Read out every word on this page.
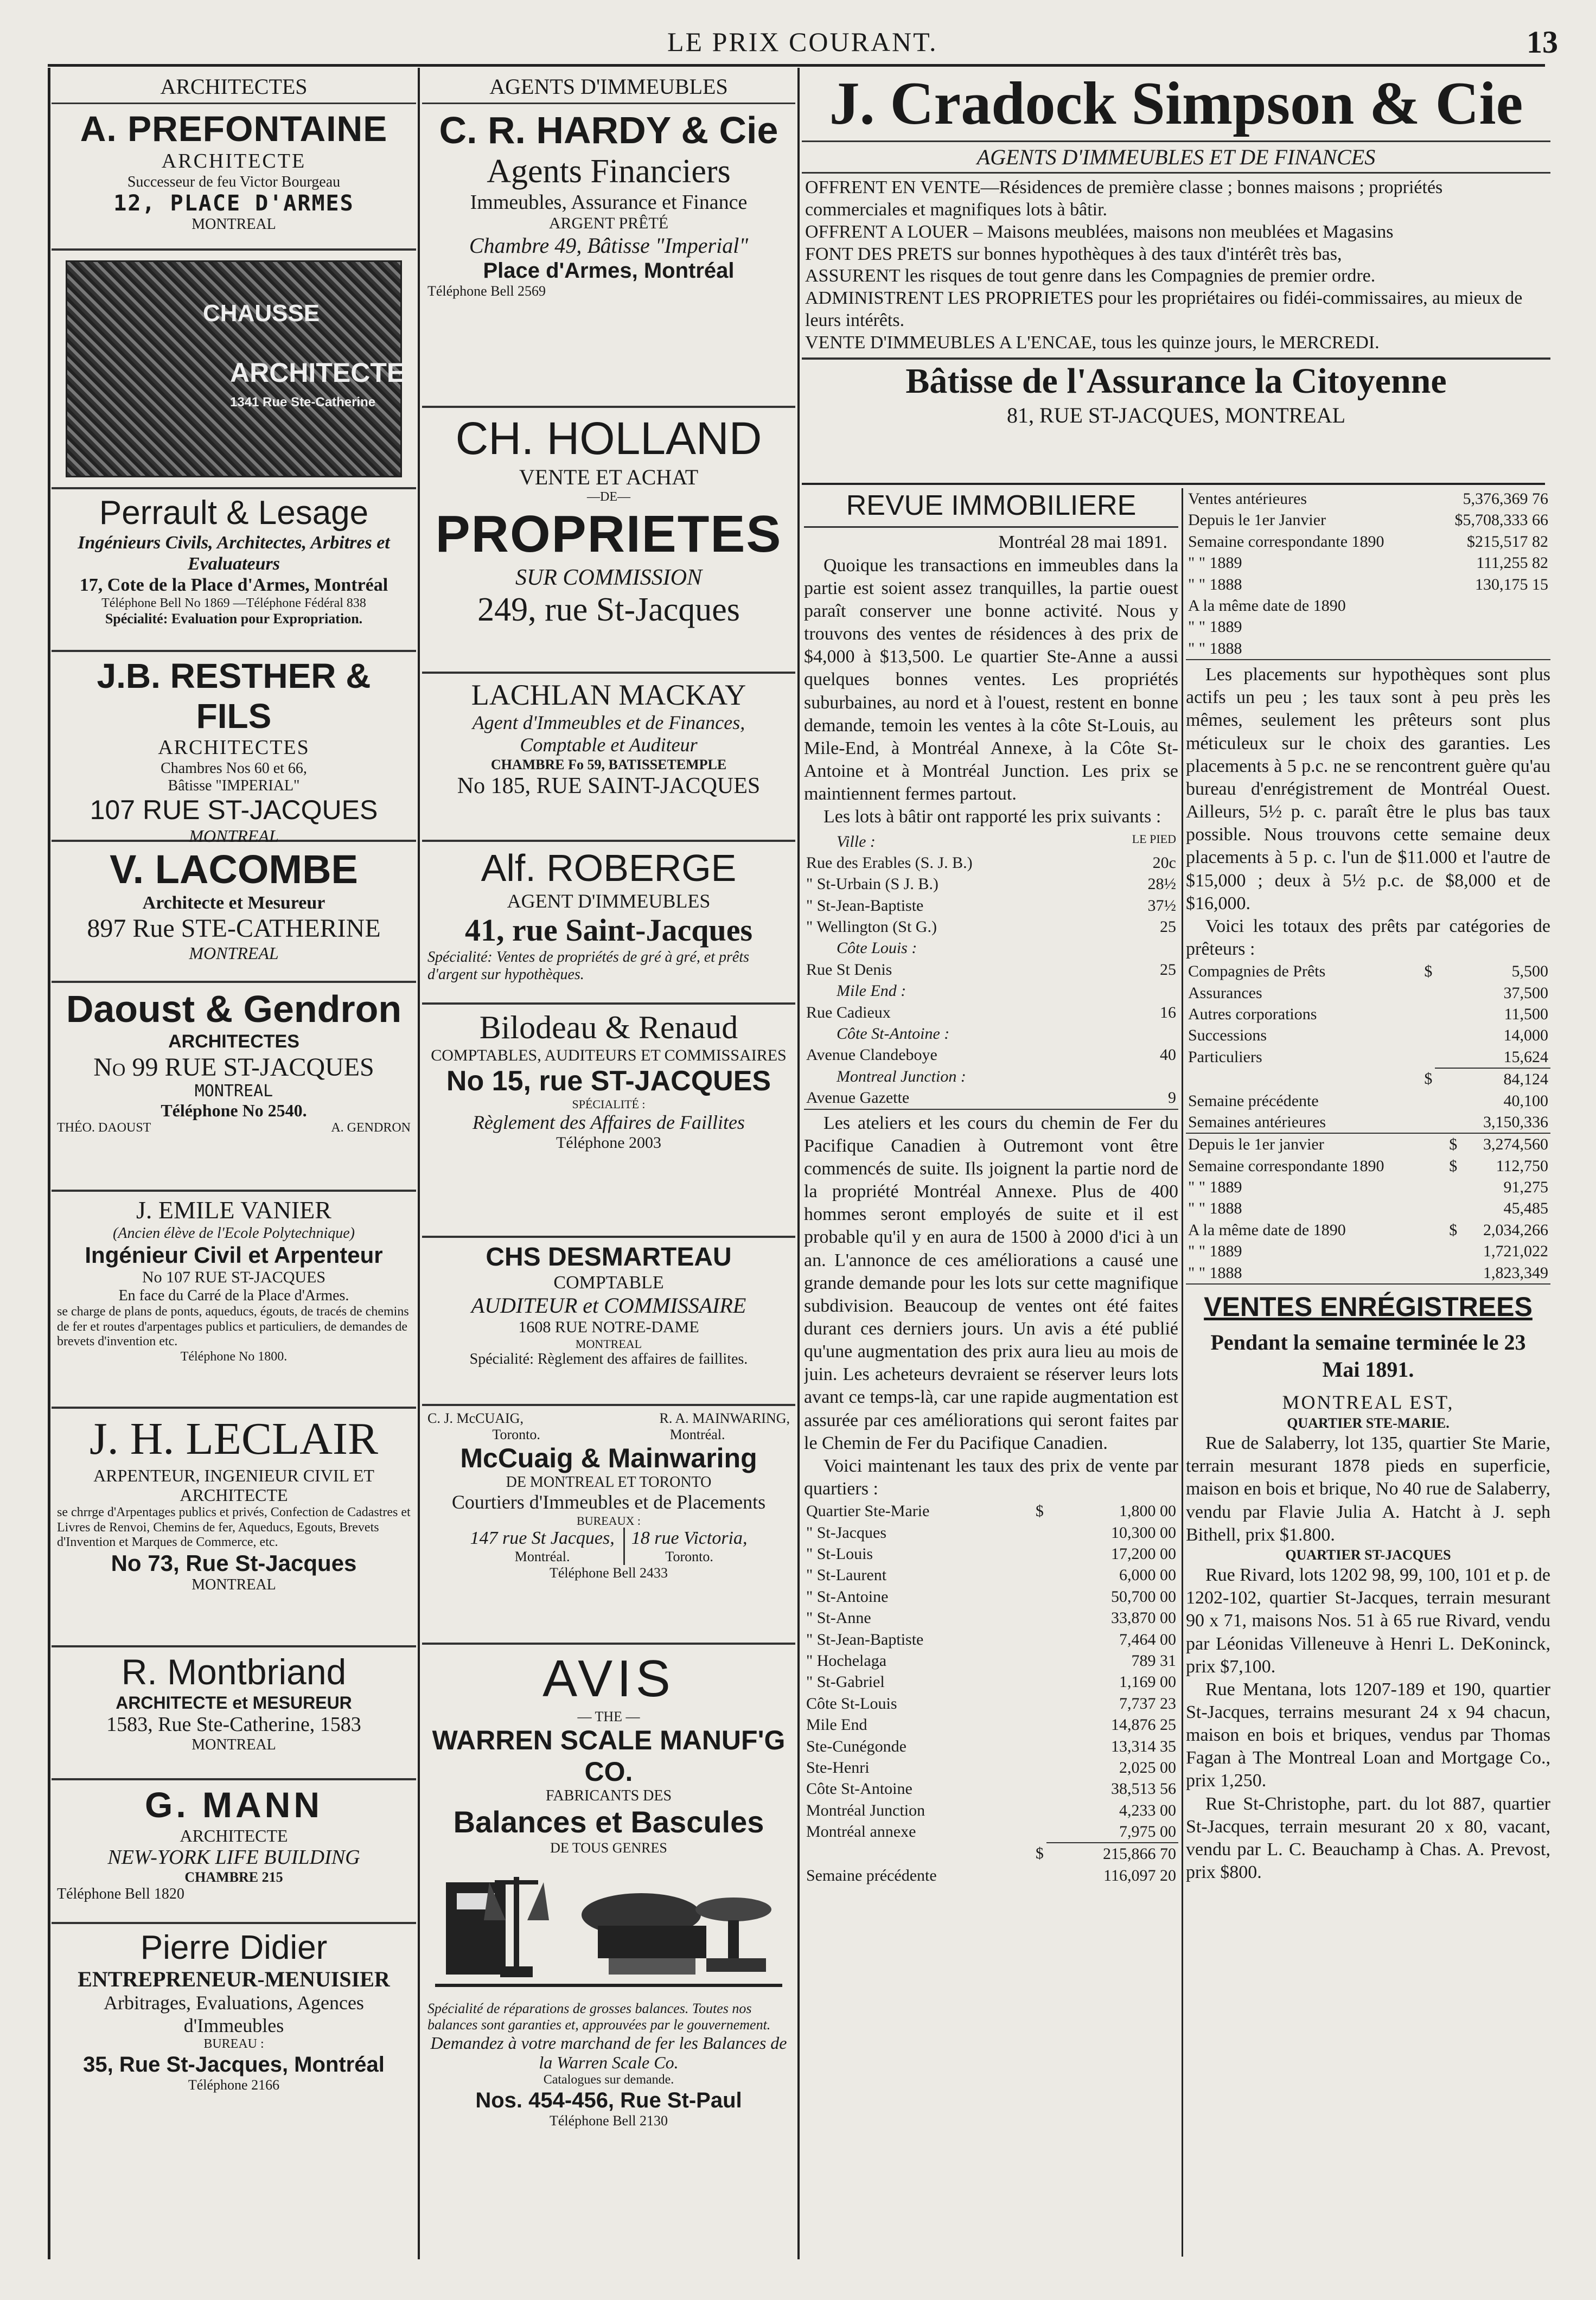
LE PRIX COURANT.	13
ARCHITECTES

A. PREFONTAINE

ARCHITECTE

Successeur de feu Victor Bourgeau

12, PLACE D'ARMES

MONTREAL

CHAUSSE
ARCHITECTE
1341 Rue Ste-Catherine

Perrault & Lesage

Ingénieurs Civils, Architectes, Arbitres et Evaluateurs

17, Cote de la Place d'Armes, Montréal

Téléphone Bell No 1869 —Téléphone Fédéral 838

Spécialité: Evaluation pour Expropriation.

J.B. RESTHER & FILS

ARCHITECTES

Chambres Nos 60 et 66,

Bâtisse "IMPERIAL"

107 RUE ST-JACQUES

MONTREAL

V. LACOMBE

Architecte et Mesureur

897 Rue STE-CATHERINE

MONTREAL

Daoust & Gendron

ARCHITECTES

No 99 RUE ST-JACQUES

MONTREAL

Téléphone No 2540.

THÉO. DAOUST	A. GENDRON

J. EMILE VANIER

(Ancien élève de l'Ecole Polytechnique)

Ingénieur Civil et Arpenteur

No 107 RUE ST-JACQUES

En face du Carré de la Place d'Armes.

se charge de plans de ponts, aqueducs, égouts, de tracés de chemins de fer et routes d'arpentages publics et particuliers, de demandes de brevets d'invention etc.

Téléphone No 1800.

J. H. LECLAIR

ARPENTEUR, INGENIEUR CIVIL ET

ARCHITECTE

se chrrge d'Arpentages publics et privés, Confection de Cadastres et Livres de Renvoi, Chemins de fer, Aqueducs, Egouts, Brevets d'Invention et Marques de Commerce, etc.

No 73, Rue St-Jacques

MONTREAL

R. Montbriand

ARCHITECTE et MESUREUR

1583, Rue Ste-Catherine, 1583

MONTREAL

G. MANN

ARCHITECTE

NEW-YORK LIFE BUILDING

CHAMBRE 215

Téléphone Bell 1820

Pierre Didier

ENTREPRENEUR-MENUISIER

Arbitrages, Evaluations, Agences d'Immeubles

BUREAU :

35, Rue St-Jacques, Montréal

Téléphone 2166

AGENTS D'IMMEUBLES

C. R. HARDY & Cie

Agents Financiers

Immeubles, Assurance et Finance

ARGENT PRÊTÉ

Chambre 49, Bâtisse "Imperial"

Place d'Armes, Montréal

Téléphone Bell 2569

CH. HOLLAND

VENTE ET ACHAT

—DE—

PROPRIETES

SUR COMMISSION

249, rue St-Jacques

LACHLAN MACKAY

Agent d'Immeubles et de Finances, Comptable et Auditeur

CHAMBRE Fo 59, BATISSETEMPLE

No 185, RUE SAINT-JACQUES

Alf. ROBERGE

AGENT D'IMMEUBLES

41, rue Saint-Jacques

Spécialité: Ventes de propriétés de gré à gré, et prêts d'argent sur hypothèques.

Bilodeau & Renaud

COMPTABLES, AUDITEURS ET COMMISSAIRES

No 15, rue ST-JACQUES

SPÉCIALITÉ :

Règlement des Affaires de Faillites

Téléphone 2003

CHS DESMARTEAU

COMPTABLE

AUDITEUR et COMMISSAIRE

1608 RUE NOTRE-DAME

MONTREAL

Spécialité: Règlement des affaires de faillites.

C. J. McCUAIG,	R. A. MAINWARING,

Toronto.	Montréal.

McCuaig & Mainwaring

DE MONTREAL ET TORONTO

Courtiers d'Immeubles et de Placements

BUREAUX :

147 rue St Jacques,

Montréal.

18 rue Victoria,

Toronto.

Téléphone Bell 2433

AVIS

— THE —

WARREN SCALE MANUF'G CO.

FABRICANTS DES

Balances et Bascules

DE TOUS GENRES

Spécialité de réparations de grosses balances. Toutes nos balances sont garanties et, approuvées par le gouvernement.

Demandez à votre marchand de fer les Balances de la Warren Scale Co.

Catalogues sur demande.

Nos. 454-456, Rue St-Paul

Téléphone Bell 2130

J. Cradock Simpson & Cie

AGENTS D'IMMEUBLES ET DE FINANCES

OFFRENT EN VENTE—Résidences de première classe ; bonnes maisons ; propriétés commerciales et magnifiques lots à bâtir.

OFFRENT A LOUER – Maisons meublées, maisons non meublées et Magasins

FONT DES PRETS sur bonnes hypothèques à des taux d'intérêt très bas,

ASSURENT les risques de tout genre dans les Compagnies de premier ordre.

ADMINISTRENT LES PROPRIETES pour les propriétaires ou fidéi-commissaires, au mieux de leurs intérêts.

VENTE D'IMMEUBLES A L'ENCAE, tous les quinze jours, le MERCREDI.

Bâtisse de l'Assurance la Citoyenne

81, RUE ST-JACQUES, MONTREAL

REVUE IMMOBILIERE

Montréal 28 mai 1891.

Quoique les transactions en immeubles dans la partie est soient assez tranquilles, la partie ouest paraît conserver une bonne activité. Nous y trouvons des ventes de résidences à des prix de $4,000 à $13,500. Le quartier Ste-Anne a aussi quelques bonnes ventes. Les propriétés suburbaines, au nord et à l'ouest, restent en bonne demande, temoin les ventes à la côte St-Louis, au Mile-End, à Montréal Annexe, à la Côte St-Antoine et à Montréal Junction. Les prix se maintiennent fermes partout.

Les lots à bâtir ont rapporté les prix suivants :

Ville :	LE PIED
Rue des Erables (S. J. B.)	20c
" St-Urbain (S J. B.)	28½
" St-Jean-Baptiste	37½
" Wellington (St G.)	25
Côte Louis :	
Rue St Denis	25
Mile End :	
Rue Cadieux	16
Côte St-Antoine :	
Avenue Clandeboye	40
Montreal Junction :	
Avenue Gazette	9

Les ateliers et les cours du chemin de Fer du Pacifique Canadien à Outremont vont être commencés de suite. Ils joignent la partie nord de la propriété Montréal Annexe. Plus de 400 hommes seront employés de suite et il est probable qu'il y en aura de 1500 à 2000 d'ici à un an. L'annonce de ces améliorations a causé une grande demande pour les lots sur cette magnifique subdivision. Beaucoup de ventes ont été faites durant ces derniers jours. Un avis a été publié qu'une augmentation des prix aura lieu au mois de juin. Les acheteurs devraient se réserver leurs lots avant ce temps-là, car une rapide augmentation est assurée par ces améliorations qui seront faites par le Chemin de Fer du Pacifique Canadien.

Voici maintenant les taux des prix de vente par quartiers :

Quartier Ste-Marie	$	1,800 00
" St-Jacques		10,300 00
" St-Louis		17,200 00
" St-Laurent		6,000 00
" St-Antoine		50,700 00
" St-Anne		33,870 00
" St-Jean-Baptiste		7,464 00
" Hochelaga		789 31
" St-Gabriel		1,169 00
Côte St-Louis		7,737 23
Mile End		14,876 25
Ste-Cunégonde		13,314 35
Ste-Henri		2,025 00
Côte St-Antoine		38,513 56
Montréal Junction		4,233 00
Montréal annexe		7,975 00
	$	215,866 70
Semaine précédente		116,097 20
Ventes antérieures	5,376,369 76
Depuis le 1er Janvier	$5,708,333 66
Semaine correspondante 1890	$215,517 82
" " 1889	111,255 82
" " 1888	130,175 15
A la même date de 1890	
" " 1889	
" " 1888	

Les placements sur hypothèques sont plus actifs un peu ; les taux sont à peu près les mêmes, seulement les prêteurs sont plus méticuleux sur le choix des garanties. Les placements à 5 p.c. ne se rencontrent guère qu'au bureau d'enrégistrement de Montréal Ouest. Ailleurs, 5½ p. c. paraît être le plus bas taux possible. Nous trouvons cette semaine deux placements à 5 p. c. l'un de $11.000 et l'autre de $15,000 ; deux à 5½ p.c. de $8,000 et de $16,000.

Voici les totaux des prêts par catégories de prêteurs :

Compagnies de Prêts	$	5,500
Assurances		37,500
Autres corporations		11,500
Successions		14,000
Particuliers		15,624
	$	84,124
Semaine précédente		40,100
Semaines antérieures		3,150,336
Depuis le 1er janvier	$	3,274,560
Semaine correspondante 1890	$	112,750
" " 1889		91,275
" " 1888		45,485
A la même date de 1890	$	2,034,266
" " 1889		1,721,022
" " 1888		1,823,349

VENTES ENRÉGISTREES

Pendant la semaine terminée le 23 Mai 1891.

MONTREAL EST,

QUARTIER STE-MARIE.

Rue de Salaberry, lot 135, quartier Ste Marie, terrain mesurant 1878 pieds en superficie, maison en bois et brique, No 40 rue de Salaberry, vendu par Flavie Julia A. Hatcht à J. seph Bithell, prix $1.800.

QUARTIER ST-JACQUES

Rue Rivard, lots 1202 98, 99, 100, 101 et p. de 1202-102, quartier St-Jacques, terrain mesurant 90 x 71, maisons Nos. 51 à 65 rue Rivard, vendu par Léonidas Villeneuve à Henri L. DeKoninck, prix $7,100.

Rue Mentana, lots 1207-189 et 190, quartier St-Jacques, terrains mesurant 24 x 94 chacun, maison en bois et briques, vendus par Thomas Fagan à The Montreal Loan and Mortgage Co., prix 1,250.

Rue St-Christophe, part. du lot 887, quartier St-Jacques, terrain mesurant 20 x 80, vacant, vendu par L. C. Beauchamp à Chas. A. Prevost, prix $800.
